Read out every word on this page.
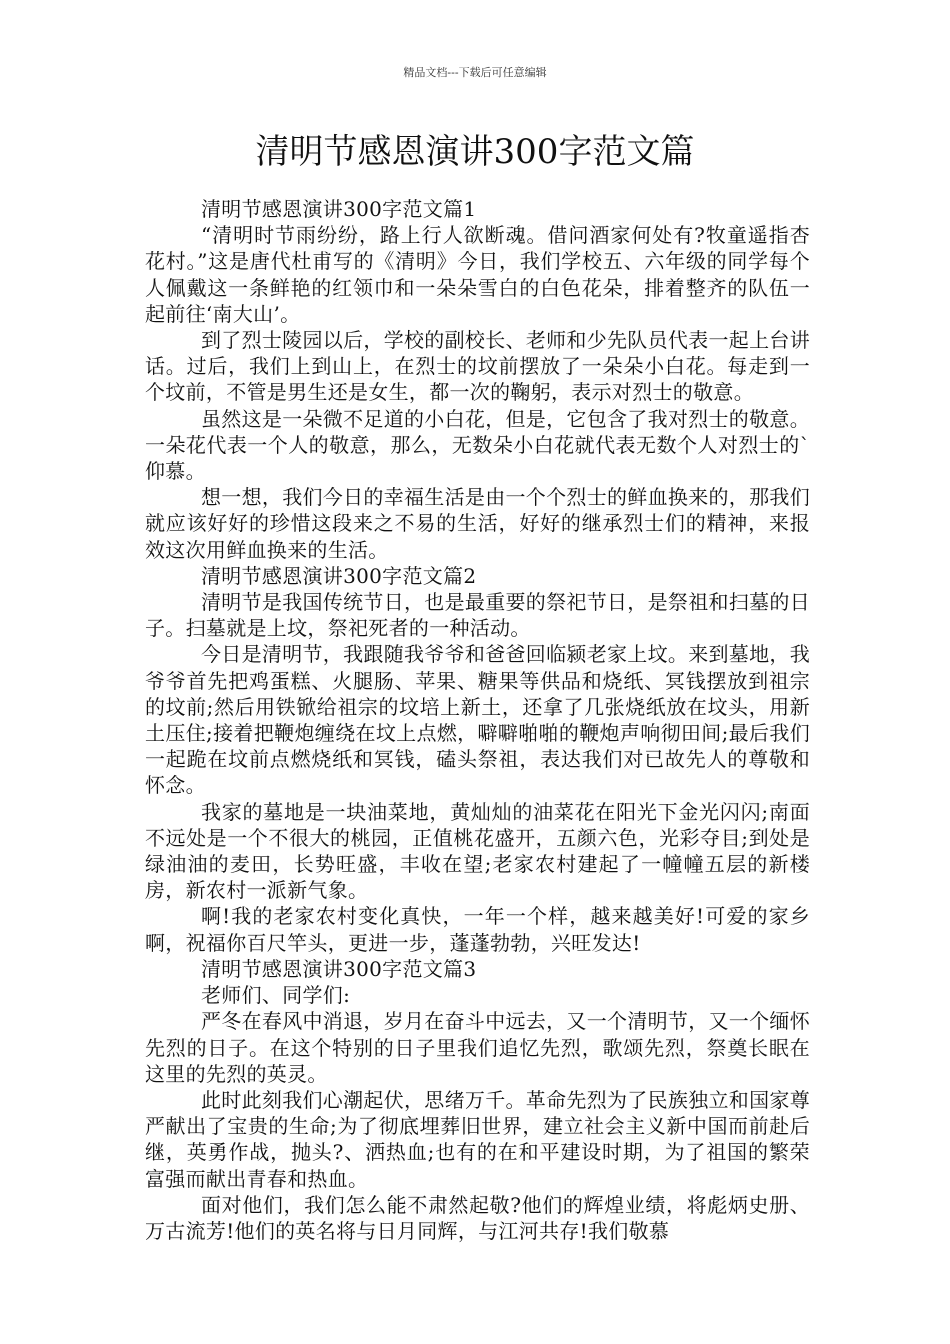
精品文档---下载后可任意编辑
清明节感恩演讲300字范文篇

清明节感恩演讲300字范文篇1

“清明时节雨纷纷，路上行人欲断魂。借问酒家何处有?牧童遥指杏花村。”这是唐代杜甫写的《清明》今日，我们学校五、六年级的同学每个人佩戴这一条鲜艳的红领巾和一朵朵雪白的白色花朵，排着整齐的队伍一起前往‘南大山’。

到了烈士陵园以后，学校的副校长、老师和少先队员代表一起上台讲话。过后，我们上到山上，在烈士的坟前摆放了一朵朵小白花。每走到一个坟前，不管是男生还是女生，都一次的鞠躬，表示对烈士的敬意。

虽然这是一朵微不足道的小白花，但是，它包含了我对烈士的敬意。一朵花代表一个人的敬意，那么，无数朵小白花就代表无数个人对烈士的`仰慕。

想一想，我们今日的幸福生活是由一个个烈士的鲜血换来的，那我们就应该好好的珍惜这段来之不易的生活，好好的继承烈士们的精神，来报效这次用鲜血换来的生活。

清明节感恩演讲300字范文篇2

清明节是我国传统节日，也是最重要的祭祀节日，是祭祖和扫墓的日子。扫墓就是上坟，祭祀死者的一种活动。

今日是清明节，我跟随我爷爷和爸爸回临颍老家上坟。来到墓地，我爷爷首先把鸡蛋糕、火腿肠、苹果、糖果等供品和烧纸、冥钱摆放到祖宗的坟前;然后用铁锨给祖宗的坟培上新土，还拿了几张烧纸放在坟头，用新土压住;接着把鞭炮缠绕在坟上点燃，噼噼啪啪的鞭炮声响彻田间;最后我们一起跪在坟前点燃烧纸和冥钱，磕头祭祖，表达我们对已故先人的尊敬和怀念。

我家的墓地是一块油菜地，黄灿灿的油菜花在阳光下金光闪闪;南面不远处是一个不很大的桃园，正值桃花盛开，五颜六色，光彩夺目;到处是绿油油的麦田，长势旺盛，丰收在望;老家农村建起了一幢幢五层的新楼房，新农村一派新气象。

啊!我的老家农村变化真快，一年一个样，越来越美好!可爱的家乡啊，祝福你百尺竿头，更进一步，蓬蓬勃勃，兴旺发达!

清明节感恩演讲300字范文篇3

老师们、同学们:

严冬在春风中消退，岁月在奋斗中远去，又一个清明节，又一个缅怀先烈的日子。在这个特别的日子里我们追忆先烈，歌颂先烈，祭奠长眠在这里的先烈的英灵。

此时此刻我们心潮起伏，思绪万千。革命先烈为了民族独立和国家尊严献出了宝贵的生命;为了彻底埋葬旧世界，建立社会主义新中国而前赴后继，英勇作战，抛头?、洒热血;也有的在和平建设时期，为了祖国的繁荣富强而献出青春和热血。

面对他们，我们怎么能不肃然起敬?他们的辉煌业绩，将彪炳史册、万古流芳!他们的英名将与日月同辉，与江河共存!我们敬慕
